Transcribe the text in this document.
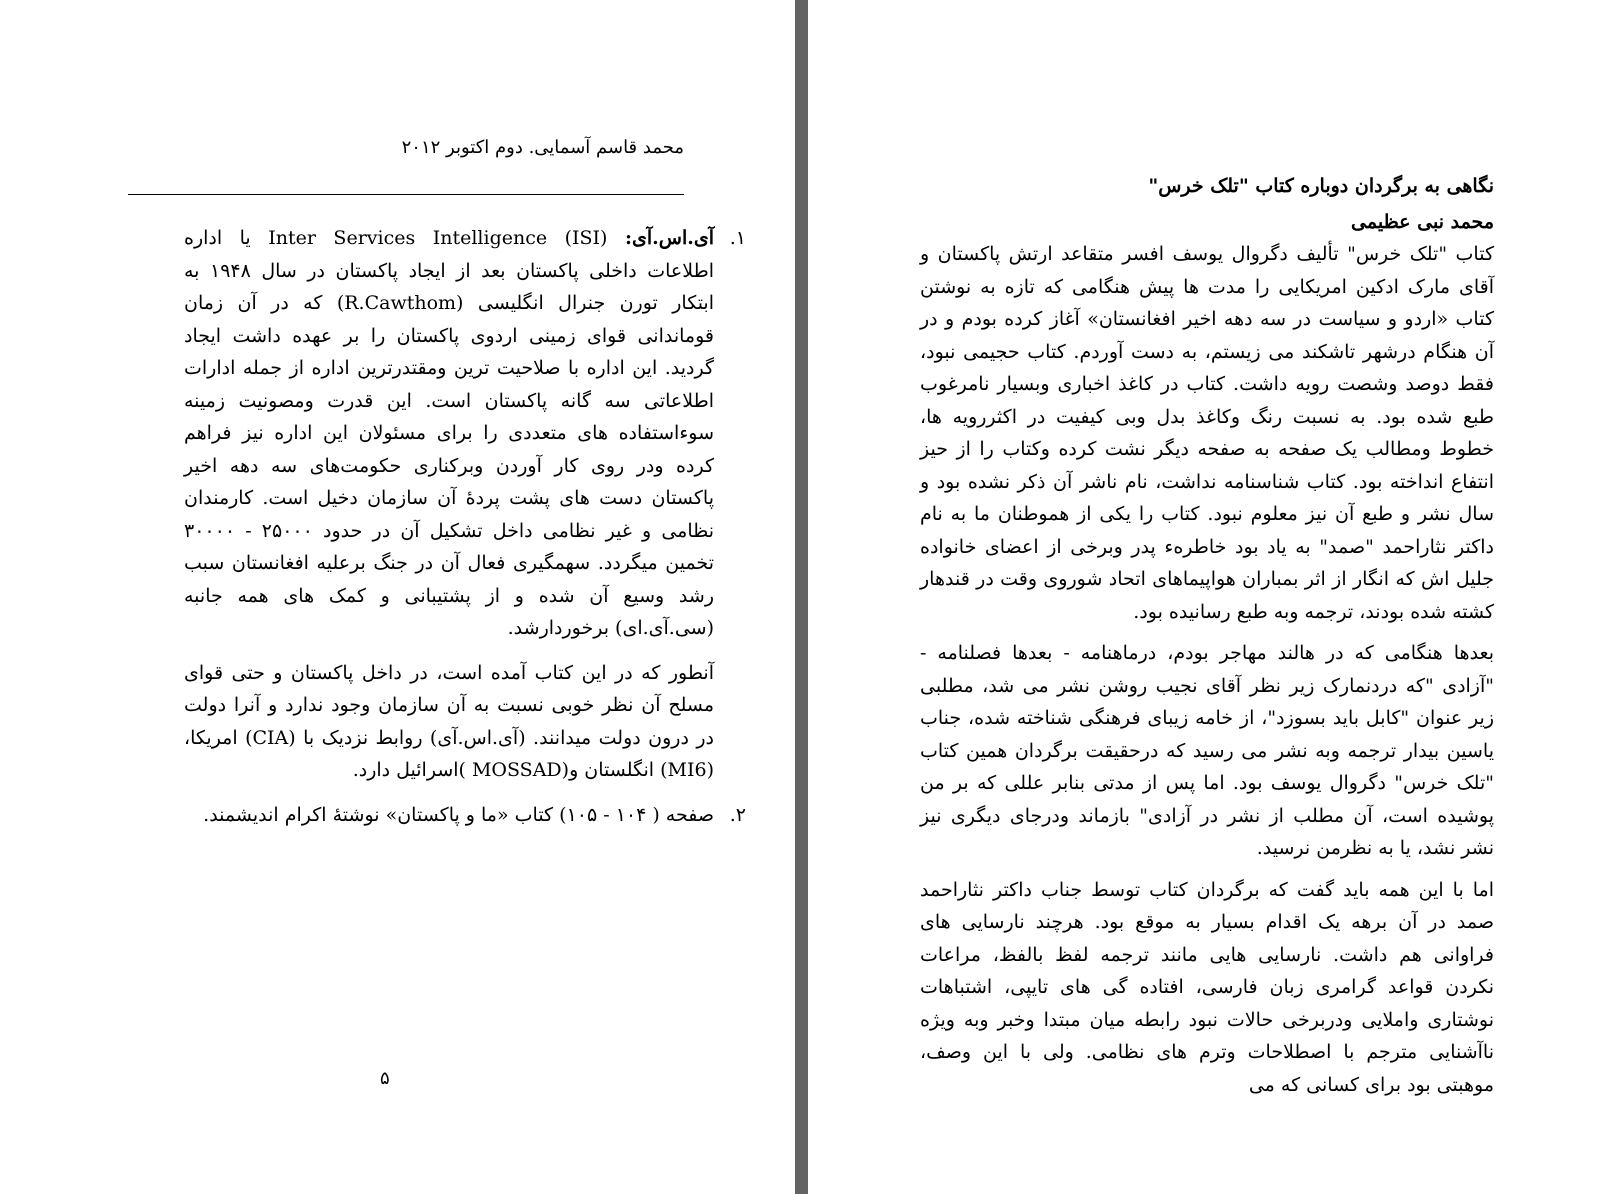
محمد قاسم آسمایی. دوم اکتوبر ۲۰۱۲
۱.
آی.اس.آی: Inter Services Intelligence (ISI) یا اداره اطلاعات داخلی پاکستان بعد از ایجاد پاکستان در سال ۱۹۴۸ به ابتکار تورن جنرال انگلیسی (R.Cawthom) که در آن زمان قوماندانی قوای زمینی اردوی پاکستان را بر عهده داشت ایجاد گردید. این اداره با صلاحیت ترین ومقتدرترین اداره از جمله ادارات اطلاعاتی سه گانه پاکستان است. این قدرت ومصونیت زمینه سوءاستفاده های متعددی را برای مسئولان این اداره نیز فراهم کرده ودر روی کار آوردن وبرکناری حکومت‌های سه دهه اخیر پاکستان دست های پشت پردهٔ آن سازمان دخیل است. کارمندان نظامی و غیر نظامی داخل تشکیل آن در حدود ۲۵۰۰۰ - ۳۰۰۰۰ تخمین میگردد. سهمگیری فعال آن در جنگ برعلیه افغانستان سبب رشد وسیع آن شده و از پشتیبانی و کمک های همه جانبه (سی.آی.ای) برخوردارشد.
آنطور که در این کتاب آمده است، در داخل پاکستان و حتی قوای مسلح آن نظر خوبی نسبت به آن سازمان وجود ندارد و آنرا دولت در درون دولت میدانند. (آی.اس.آی) روابط نزدیک با (CIA) امریکا، (MI6) انگلستان و(MOSSAD )اسرائیل دارد.
۲.
صفحه ( ۱۰۴ - ۱۰۵) کتاب «ما و پاکستان» نوشتهٔ اکرام اندیشمند.
۵
نگاهی به برگردان دوباره کتاب "تلک خرس"
محمد نبی عظیمی

کتاب "تلک خرس" تألیف دگروال یوسف افسر متقاعد ارتش پاکستان و آقای مارک ادکین امریکایی را مدت ها پیش هنگامی که تازه به نوشتن کتاب «اردو و سیاست در سه دهه اخیر افغانستان» آغاز کرده بودم و در آن هنگام درشهر تاشکند می زیستم، به دست آوردم. کتاب حجیمی نبود، فقط دوصد وشصت رویه داشت. کتاب در کاغذ اخباری وبسیار نامرغوب طبع شده بود. به نسبت رنگ وکاغذ بدل وبی کیفیت در اکثررویه ها، خطوط ومطالب یک صفحه به صفحه دیگر نشت کرده وکتاب را از حیز انتفاع انداخته بود. کتاب شناسنامه نداشت، نام ناشر آن ذکر نشده بود و سال نشر و طبع آن نیز معلوم نبود. کتاب را یکی از هموطنان ما به نام داکتر نثاراحمد "صمد" به یاد بود خاطرهء پدر وبرخی از اعضای خانواده جلیل اش که انگار از اثر بمباران هواپیماهای اتحاد شوروی وقت در قندهار کشته شده بودند، ترجمه وبه طبع رسانیده بود.

بعدها هنگامی که در هالند مهاجر بودم، درماهنامه - بعدها فصلنامه - "آزادی "که دردنمارک زیر نظر آقای نجیب روشن نشر می شد، مطلبی زیر عنوان "کابل باید بسوزد"، از خامه زیبای فرهنگی شناخته شده، جناب یاسین بیدار ترجمه وبه نشر می رسید که درحقیقت برگردان همین کتاب "تلک خرس" دگروال یوسف بود. اما پس از مدتی بنابر عللی که بر من پوشیده است، آن مطلب از نشر در آزادی" بازماند ودرجای دیگری نیز نشر نشد، یا به نظرمن نرسید.

اما با این همه باید گفت که برگردان کتاب توسط جناب داکتر نثاراحمد صمد در آن برهه یک اقدام بسیار به موقع بود. هرچند نارسایی های فراوانی هم داشت. نارسایی هایی مانند ترجمه لفظ بالفظ، مراعات نکردن قواعد گرامری زبان فارسی، افتاده گی های تایپی، اشتباهات نوشتاری واملایی ودربرخی حالات نبود رابطه میان مبتدا وخبر وبه ویژه ناآشنایی مترجم با اصطلاحات وترم های نظامی. ولی با این وصف، موهبتی بود برای کسانی که می
